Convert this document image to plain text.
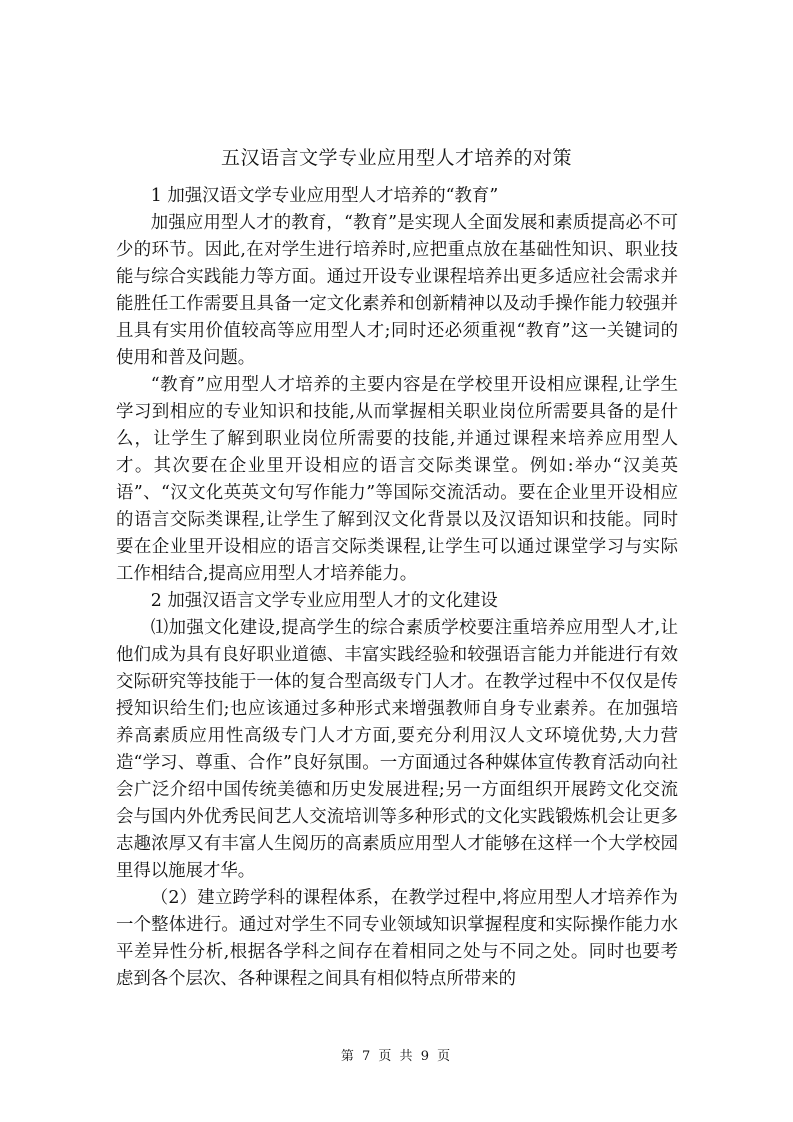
五汉语言文学专业应用型人才培养的对策

1 加强汉语文学专业应用型人才培养的“教育”

加强应用型人才的教育，“教育”是实现人全面发展和素质提高必不可少的环节。因此,在对学生进行培养时,应把重点放在基础性知识、职业技能与综合实践能力等方面。通过开设专业课程培养出更多适应社会需求并能胜任工作需要且具备一定文化素养和创新精神以及动手操作能力较强并且具有实用价值较高等应用型人才;同时还必须重视“教育”这一关键词的使用和普及问题。

“教育”应用型人才培养的主要内容是在学校里开设相应课程,让学生学习到相应的专业知识和技能,从而掌握相关职业岗位所需要具备的是什么，让学生了解到职业岗位所需要的技能,并通过课程来培养应用型人才。其次要在企业里开设相应的语言交际类课堂。例如:举办“汉美英语”、“汉文化英英文句写作能力”等国际交流活动。要在企业里开设相应的语言交际类课程,让学生了解到汉文化背景以及汉语知识和技能。同时要在企业里开设相应的语言交际类课程,让学生可以通过课堂学习与实际工作相结合,提高应用型人才培养能力。

2 加强汉语言文学专业应用型人才的文化建设

⑴加强文化建设,提高学生的综合素质学校要注重培养应用型人才,让他们成为具有良好职业道德、丰富实践经验和较强语言能力并能进行有效交际研究等技能于一体的复合型高级专门人才。在教学过程中不仅仅是传授知识给生们;也应该通过多种形式来增强教师自身专业素养。在加强培养高素质应用性高级专门人才方面,要充分利用汉人文环境优势,大力营造“学习、尊重、合作”良好氛围。一方面通过各种媒体宣传教育活动向社会广泛介绍中国传统美德和历史发展进程;另一方面组织开展跨文化交流会与国内外优秀民间艺人交流培训等多种形式的文化实践锻炼机会让更多志趣浓厚又有丰富人生阅历的高素质应用型人才能够在这样一个大学校园里得以施展才华。

（2）建立跨学科的课程体系，在教学过程中,将应用型人才培养作为一个整体进行。通过对学生不同专业领域知识掌握程度和实际操作能力水平差异性分析,根据各学科之间存在着相同之处与不同之处。同时也要考虑到各个层次、各种课程之间具有相似特点所带来的

第 7 页 共 9 页
